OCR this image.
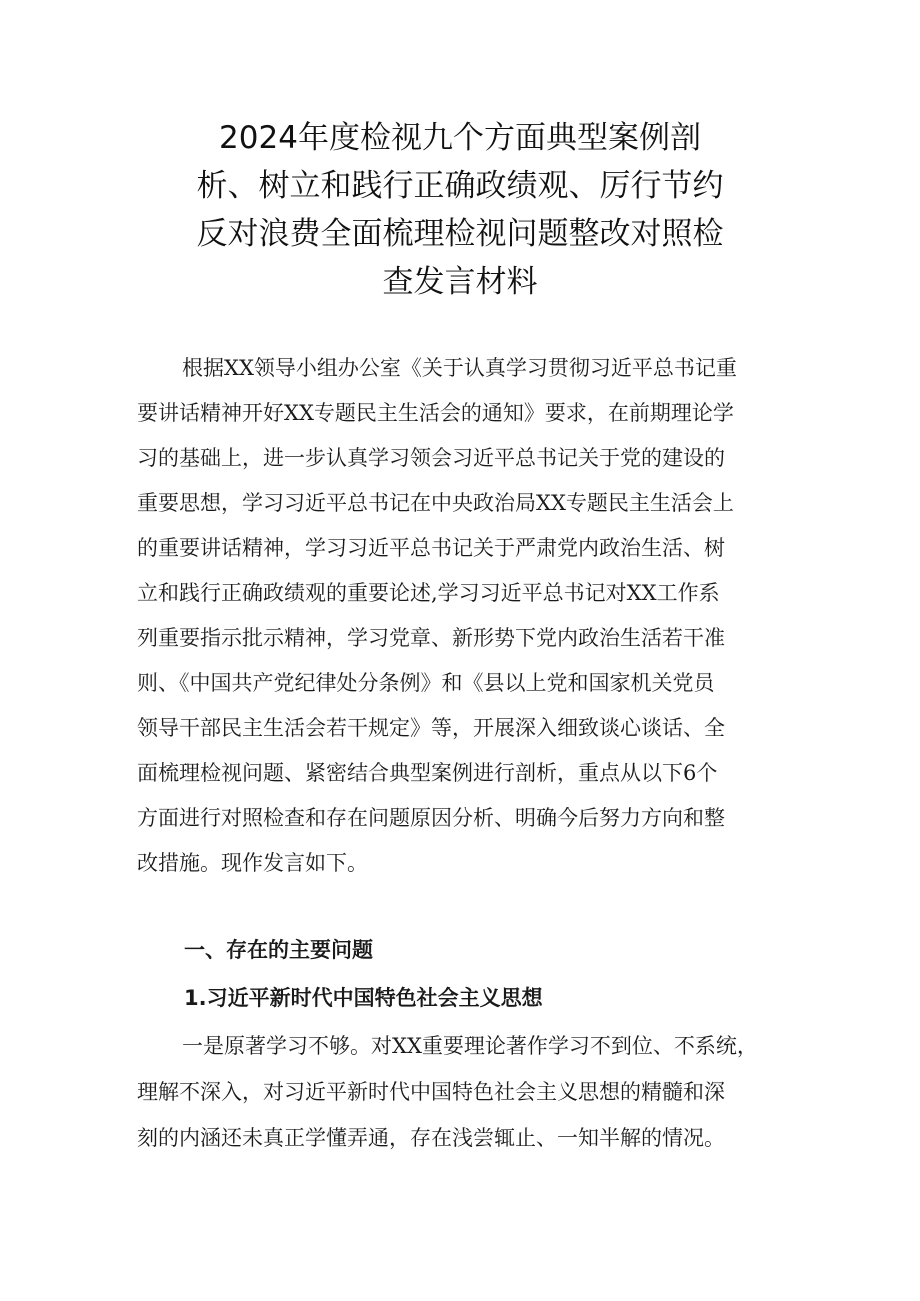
2024年度检视九个方面典型案例剖
析、树立和践行正确政绩观、厉行节约
反对浪费全面梳理检视问题整改对照检
查发言材料
根据XX领导小组办公室《关于认真学习贯彻习近平总书记重
要讲话精神开好XX专题民主生活会的通知》要求，在前期理论学
习的基础上，进一步认真学习领会习近平总书记关于党的建设的
重要思想，学习习近平总书记在中央政治局XX专题民主生活会上
的重要讲话精神，学习习近平总书记关于严肃党内政治生活、树
立和践行正确政绩观的重要论述,学习习近平总书记对XX工作系
列重要指示批示精神，学习党章、新形势下党内政治生活若干准
则、《中国共产党纪律处分条例》和《县以上党和国家机关党员
领导干部民主生活会若干规定》等，开展深入细致谈心谈话、全
面梳理检视问题、紧密结合典型案例进行剖析，重点从以下6个
方面进行对照检查和存在问题原因分析、明确今后努力方向和整
改措施。现作发言如下。
一、存在的主要问题
1.习近平新时代中国特色社会主义思想
一是原著学习不够。对XX重要理论著作学习不到位、不系统，
理解不深入，对习近平新时代中国特色社会主义思想的精髓和深
刻的内涵还未真正学懂弄通，存在浅尝辄止、一知半解的情况。
